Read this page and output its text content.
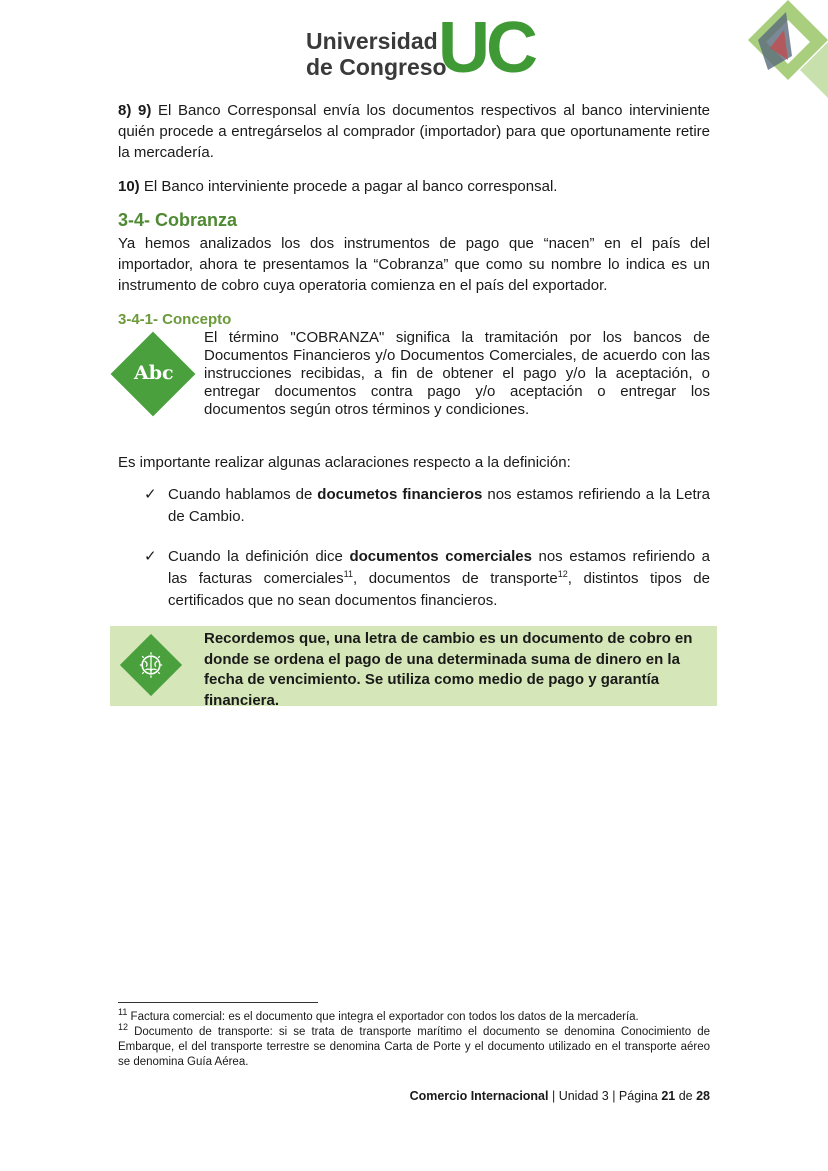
Universidad
de Congreso
UC

8) 9) El Banco Corresponsal envía los documentos respectivos al banco interviniente quién procede a entregárselos al comprador (importador) para que oportunamente retire la mercadería.

10) El Banco interviniente procede a pagar al banco corresponsal.

3-4- Cobranza

Ya hemos analizados los dos instrumentos de pago que “nacen” en el país del importador, ahora te presentamos la “Cobranza” que como su nombre lo indica es un instrumento de cobro cuya operatoria comienza en el país del exportador.

3-4-1- Concepto
Abc
El término "COBRANZA" significa la tramitación por los bancos de Documentos Financieros y/o Documentos Comerciales, de acuerdo con las instrucciones recibidas, a fin de obtener el pago y/o la aceptación, o entregar documentos contra pago y/o aceptación o entregar los documentos según otros términos y condiciones.

Es importante realizar algunas aclaraciones respecto a la definición:

✓ Cuando hablamos de documetos financieros nos estamos refiriendo a la Letra de Cambio.
✓ Cuando la definición dice documentos comerciales nos estamos refiriendo a las facturas comerciales$^{11}$, documentos de transporte$^{12}$, distintos tipos de certificados que no sean documentos financieros.
Recordemos que, una letra de cambio es un documento de cobro en donde se ordena el pago de una determinada suma de dinero en la fecha de vencimiento. Se utiliza como medio de pago y garantía financiera.
$^{11}$ Factura comercial: es el documento que integra el exportador con todos los datos de la mercadería.
$^{12}$ Documento de transporte: si se trata de transporte marítimo el documento se denomina Conocimiento de Embarque, el del transporte terrestre se denomina Carta de Porte y el documento utilizado en el transporte aéreo se denomina Guía Aérea.
Comercio Internacional | Unidad 3 | Página 21 de 28
